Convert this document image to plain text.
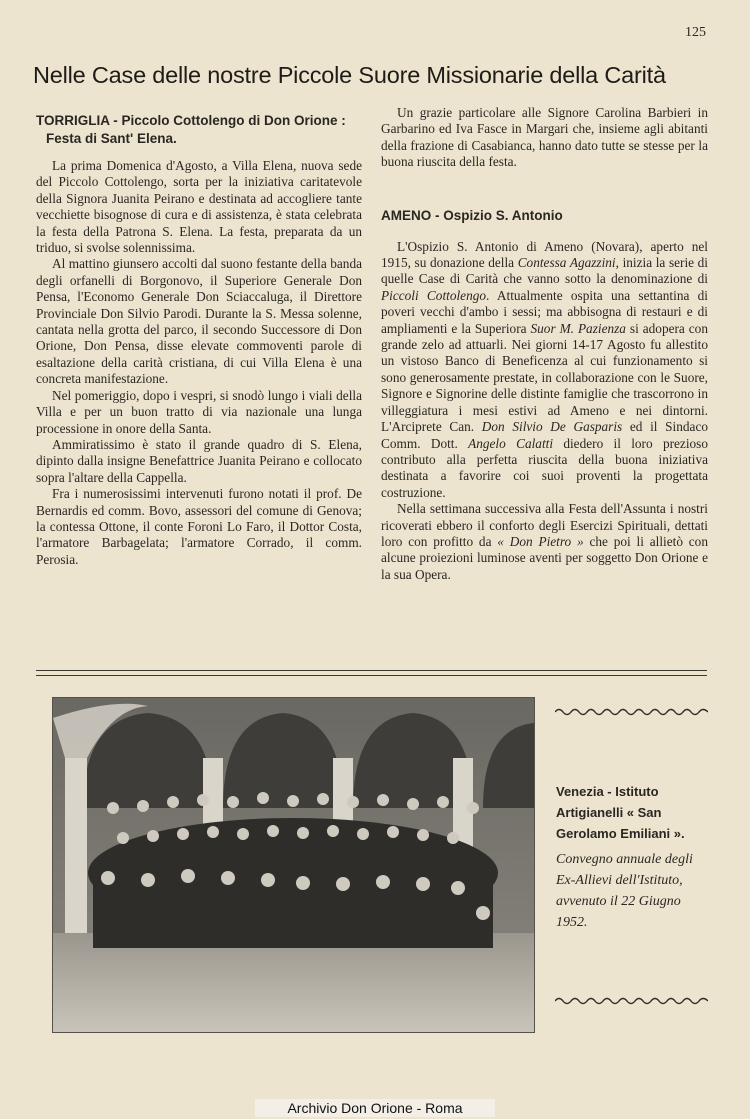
125
Nelle Case delle nostre Piccole Suore Missionarie della Carità
TORRIGLIA - Piccolo Cottolengo di Don Orione :
Festa di Sant' Elena.

La prima Domenica d'Agosto, a Villa Elena, nuova sede del Piccolo Cottolengo, sorta per la iniziativa caritatevole della Signora Juanita Peirano e destinata ad accogliere tante vecchiette bisognose di cura e di assistenza, è stata celebrata la festa della Patrona S. Elena. La festa, preparata da un triduo, si svolse solennissima.

Al mattino giunsero accolti dal suono festante della banda degli orfanelli di Borgonovo, il Superiore Generale Don Pensa, l'Economo Generale Don Sciaccaluga, il Direttore Provinciale Don Silvio Parodi. Durante la S. Messa solenne, cantata nella grotta del parco, il secondo Successore di Don Orione, Don Pensa, disse elevate commoventi parole di esaltazione della carità cristiana, di cui Villa Elena è una concreta manifestazione.

Nel pomeriggio, dopo i vespri, si snodò lungo i viali della Villa e per un buon tratto di via nazionale una lunga processione in onore della Santa.

Ammiratissimo è stato il grande quadro di S. Elena, dipinto dalla insigne Benefattrice Juanita Peirano e collocato sopra l'altare della Cappella.

Fra i numerosissimi intervenuti furono notati il prof. De Bernardis ed comm. Bovo, assessori del comune di Genova; la contessa Ottone, il conte Foroni Lo Faro, il Dottor Costa, l'armatore Barbagelata; l'armatore Corrado, il comm. Perosia.

Un grazie particolare alle Signore Carolina Barbieri in Garbarino ed Iva Fasce in Margari che, insieme agli abitanti della frazione di Casabianca, hanno dato tutte se stesse per la buona riuscita della festa.

AMENO - Ospizio S. Antonio

L'Ospizio S. Antonio di Ameno (Novara), aperto nel 1915, su donazione della Contessa Agazzini, inizia la serie di quelle Case di Carità che vanno sotto la denominazione di Piccoli Cottolengo. Attualmente ospita una settantina di poveri vecchi d'ambo i sessi; ma abbisogna di restauri e di ampliamenti e la Superiora Suor M. Pazienza si adopera con grande zelo ad attuarli. Nei giorni 14-17 Agosto fu allestito un vistoso Banco di Beneficenza al cui funzionamento si sono generosamente prestate, in collaborazione con le Suore, Signore e Signorine delle distinte famiglie che trascorrono in villeggiatura i mesi estivi ad Ameno e nei dintorni. L'Arciprete Can. Don Silvio De Gasparis ed il Sindaco Comm. Dott. Angelo Calatti diedero il loro prezioso contributo alla perfetta riuscita della buona iniziativa destinata a favorire coi suoi proventi la progettata costruzione.

Nella settimana successiva alla Festa dell'Assunta i nostri ricoverati ebbero il conforto degli Esercizi Spirituali, dettati loro con profitto da « Don Pietro » che poi li allietò con alcune proiezioni luminose aventi per soggetto Don Orione e la sua Opera.

Venezia - Istituto Artigianelli « San Gerolamo Emiliani ».
Convegno annuale degli Ex-Allievi dell'Istituto, avvenuto il 22 Giugno 1952.
Archivio Don Orione - Roma
